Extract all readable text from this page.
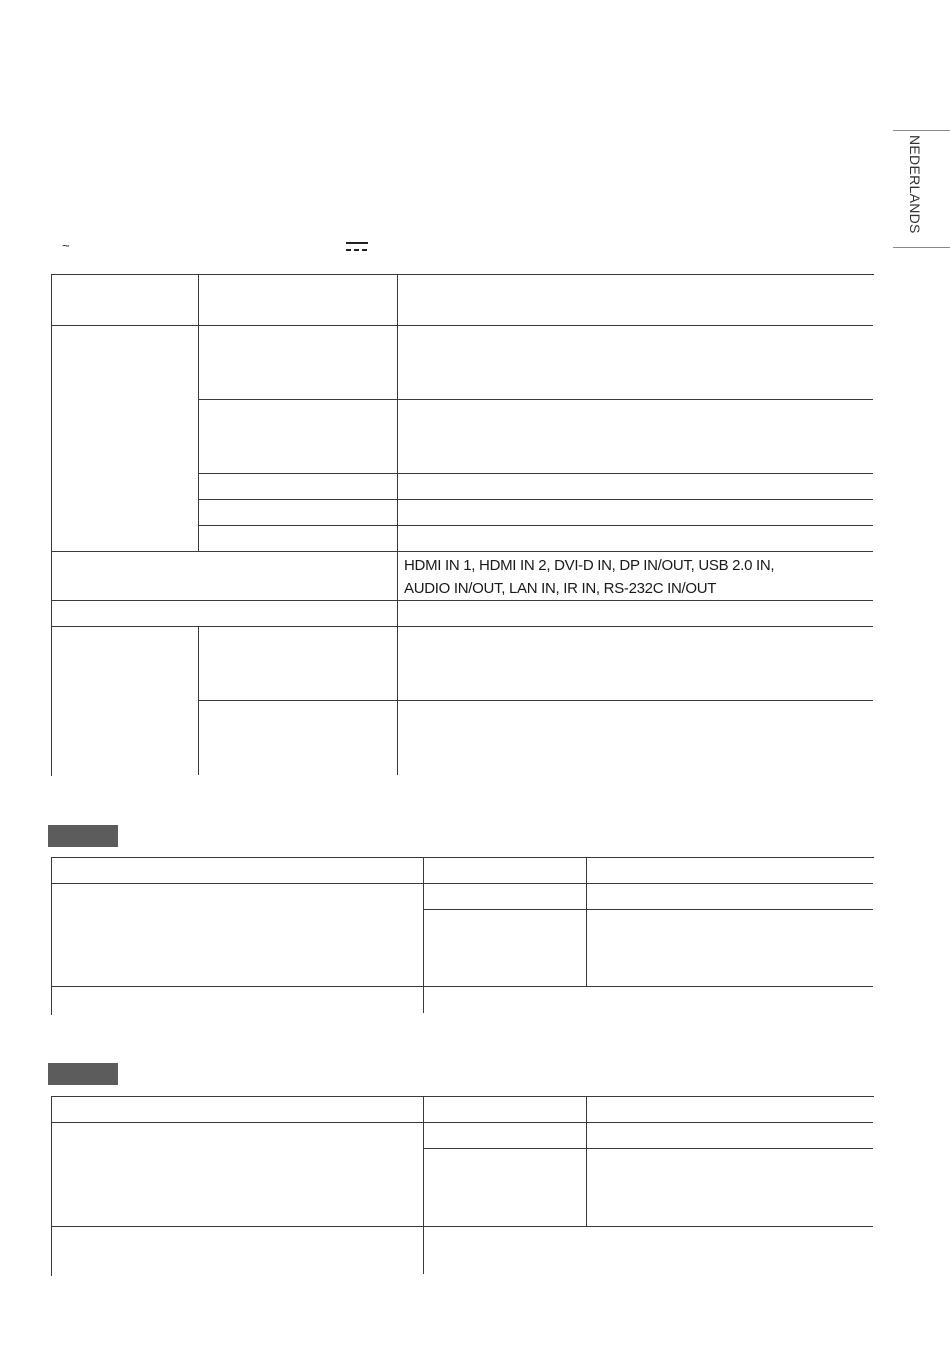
NEDERLANDS
~
HDMI IN 1, HDMI IN 2, DVI-D IN, DP IN/OUT, USB 2.0 IN,
AUDIO IN/OUT, LAN IN, IR IN, RS-232C IN/OUT
